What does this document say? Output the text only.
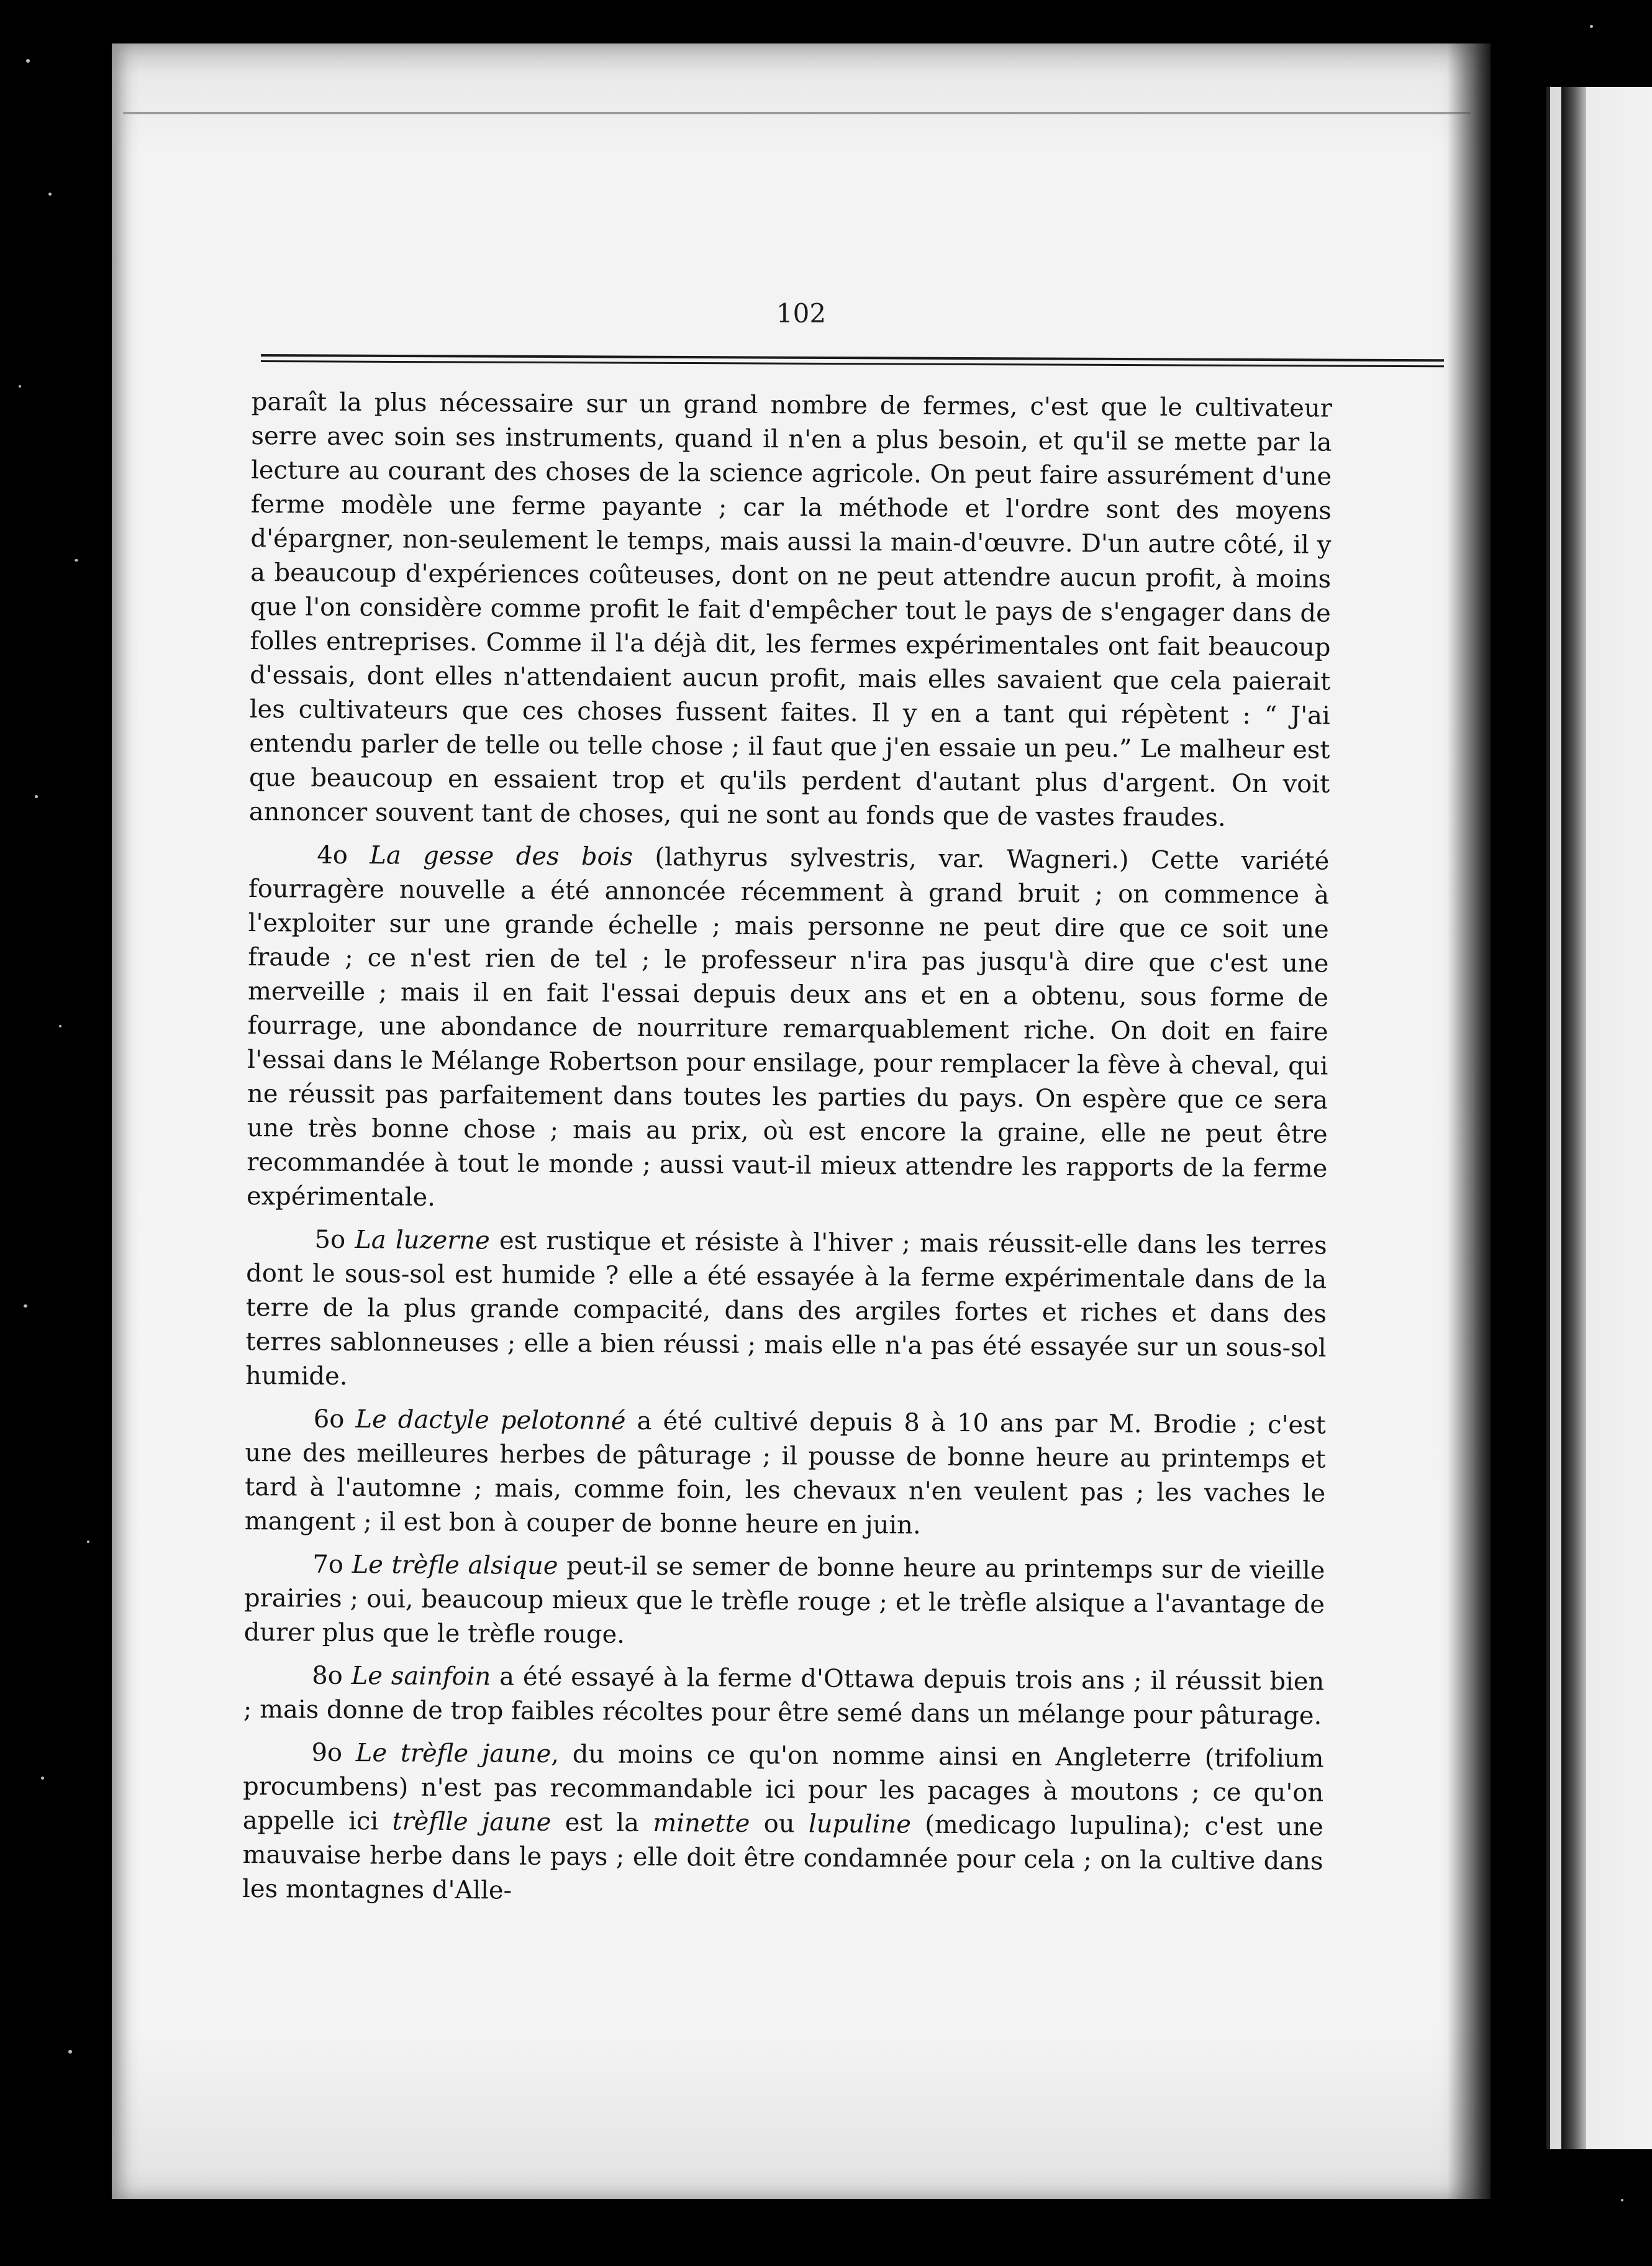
102

paraît la plus nécessaire sur un grand nombre de fermes, c'est que le cultivateur serre avec soin ses instruments, quand il n'en a plus besoin, et qu'il se mette par la lecture au courant des choses de la science agricole. On peut faire assurément d'une ferme modèle une ferme payante ; car la méthode et l'ordre sont des moyens d'épargner, non-seulement le temps, mais aussi la main-d'œuvre. D'un autre côté, il y a beaucoup d'expériences coûteuses, dont on ne peut attendre aucun profit, à moins que l'on considère comme profit le fait d'empêcher tout le pays de s'engager dans de folles entreprises. Comme il l'a déjà dit, les fermes expérimentales ont fait beaucoup d'essais, dont elles n'attendaient aucun profit, mais elles savaient que cela paierait les cultivateurs que ces choses fussent faites. Il y en a tant qui répètent : “ J'ai entendu parler de telle ou telle chose ; il faut que j'en essaie un peu.” Le malheur est que beaucoup en essaient trop et qu'ils perdent d'autant plus d'argent. On voit annoncer souvent tant de choses, qui ne sont au fonds que de vastes fraudes.

4o La gesse des bois (lathyrus sylvestris, var. Wagneri.) Cette variété fourragère nouvelle a été annoncée récemment à grand bruit ; on commence à l'exploiter sur une grande échelle ; mais personne ne peut dire que ce soit une fraude ; ce n'est rien de tel ; le professeur n'ira pas jusqu'à dire que c'est une merveille ; mais il en fait l'essai depuis deux ans et en a obtenu, sous forme de fourrage, une abondance de nourriture remarquablement riche. On doit en faire l'essai dans le Mélange Robertson pour ensilage, pour remplacer la fève à cheval, qui ne réussit pas parfaitement dans toutes les parties du pays. On espère que ce sera une très bonne chose ; mais au prix, où est encore la graine, elle ne peut être recommandée à tout le monde ; aussi vaut-il mieux attendre les rapports de la ferme expérimentale.

5o La luzerne est rustique et résiste à l'hiver ; mais réussit-elle dans les terres dont le sous-sol est humide ? elle a été essayée à la ferme expérimentale dans de la terre de la plus grande compacité, dans des argiles fortes et riches et dans des terres sablonneuses ; elle a bien réussi ; mais elle n'a pas été essayée sur un sous-sol humide.

6o Le dactyle pelotonné a été cultivé depuis 8 à 10 ans par M. Brodie ; c'est une des meilleures herbes de pâturage ; il pousse de bonne heure au printemps et tard à l'automne ; mais, comme foin, les chevaux n'en veulent pas ; les vaches le mangent ; il est bon à couper de bonne heure en juin.

7o Le trèfle alsique peut-il se semer de bonne heure au printemps sur de vieille prairies ; oui, beaucoup mieux que le trèfle rouge ; et le trèfle alsique a l'avantage de durer plus que le trèfle rouge.

8o Le sainfoin a été essayé à la ferme d'Ottawa depuis trois ans ; il réussit bien ; mais donne de trop faibles récoltes pour être semé dans un mélange pour pâturage.

9o Le trèfle jaune, du moins ce qu'on nomme ainsi en Angleterre (trifolium procumbens) n'est pas recommandable ici pour les pacages à moutons ; ce qu'on appelle ici trèflle jaune est la minette ou lupuline (medicago lupulina); c'est une mauvaise herbe dans le pays ; elle doit être condamnée pour cela ; on la cultive dans les montagnes d'Alle-
